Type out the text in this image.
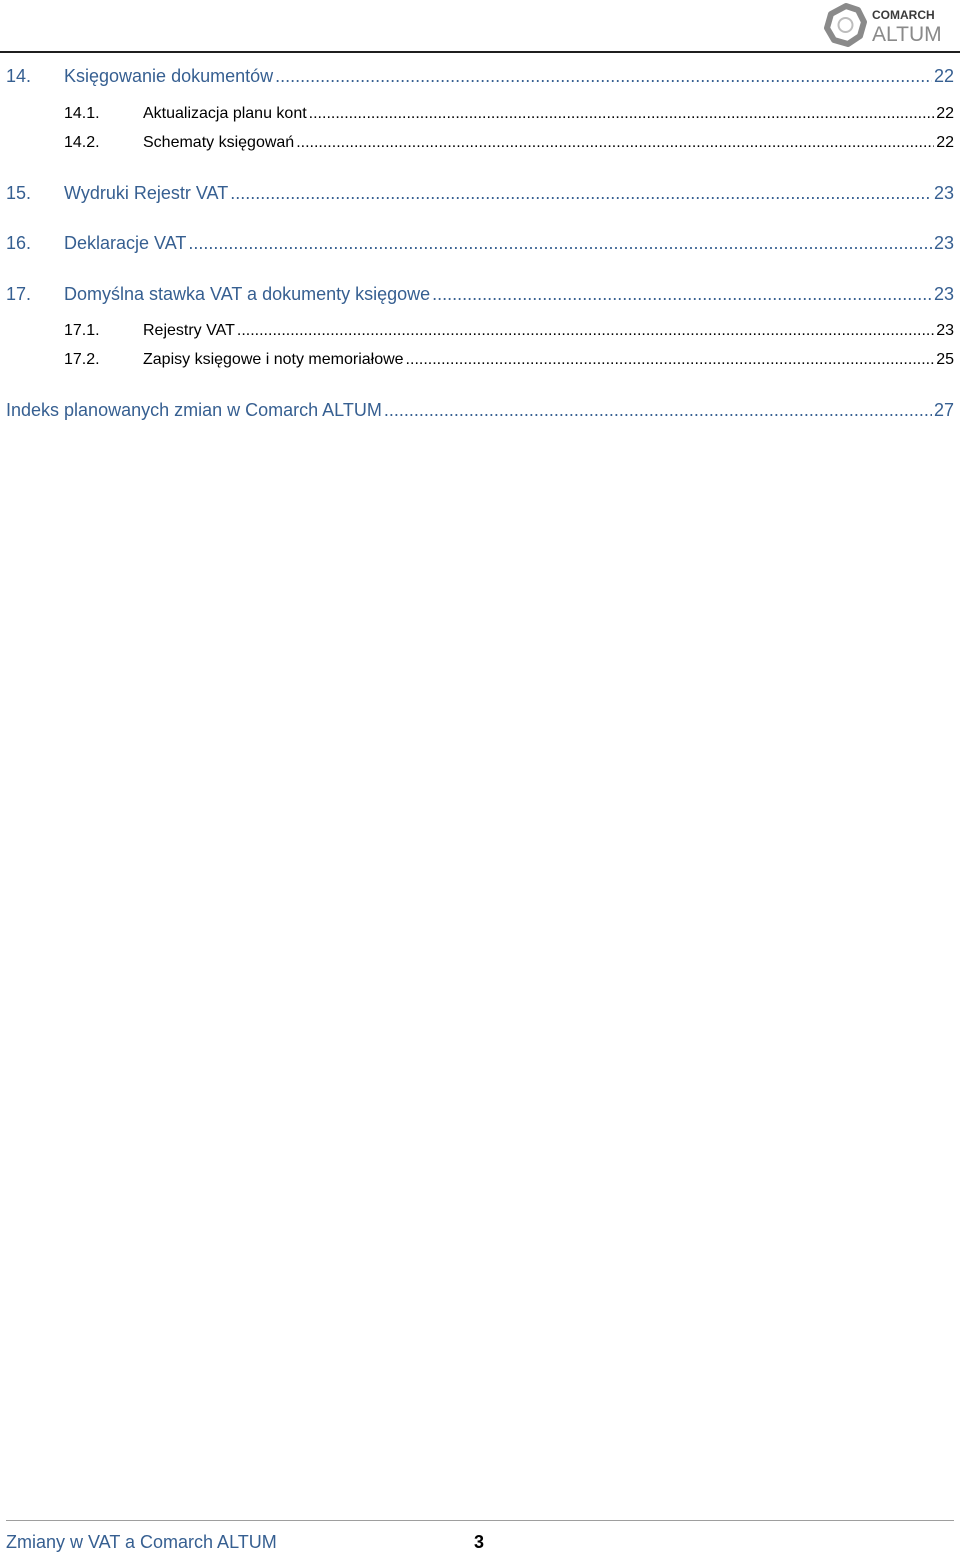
COMARCH
ALTUM
14.	Księgowanie dokumentów .....	22
14.1.	Aktualizacja planu kont .....	22
14.2.	Schematy księgowań .....	22
15.	Wydruki Rejestr VAT .....	23
16.	Deklaracje VAT .....	23
17.	Domyślna stawka VAT a dokumenty księgowe .....	23
17.1.	Rejestry VAT .....	23
17.2.	Zapisy księgowe i noty memoriałowe .....	25
Indeks planowanych zmian w Comarch ALTUM .....	27
Zmiany w VAT a Comarch ALTUM	3
